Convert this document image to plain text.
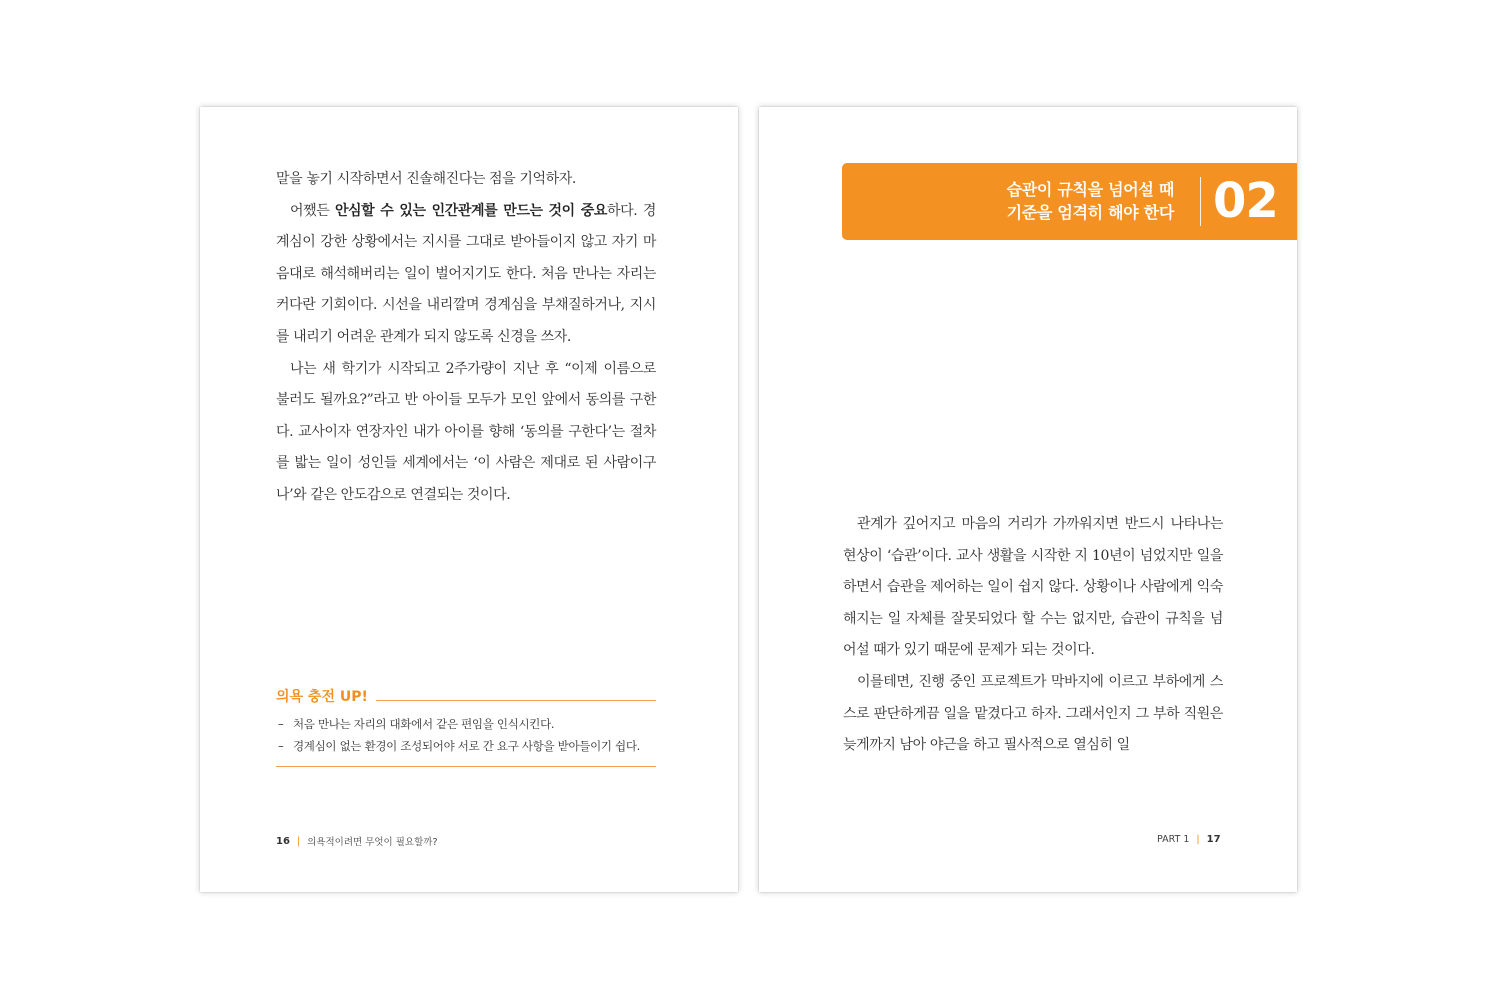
말을 놓기 시작하면서 진솔해진다는 점을 기억하자.

어쨌든 안심할 수 있는 인간관계를 만드는 것이 중요하다. 경계심이 강한 상황에서는 지시를 그대로 받아들이지 않고 자기 마음대로 해석해버리는 일이 벌어지기도 한다. 처음 만나는 자리는 커다란 기회이다. 시선을 내리깔며 경계심을 부채질하거나, 지시를 내리기 어려운 관계가 되지 않도록 신경을 쓰자.

나는 새 학기가 시작되고 2주가량이 지난 후 “이제 이름으로 불러도 될까요?”라고 반 아이들 모두가 모인 앞에서 동의를 구한다. 교사이자 연장자인 내가 아이를 향해 ‘동의를 구한다’는 절차를 밟는 일이 성인들 세계에서는 ‘이 사람은 제대로 된 사람이구나’와 같은 안도감으로 연결되는 것이다.

의욕 충전 UP!
– 처음 만나는 자리의 대화에서 같은 편임을 인식시킨다.
– 경계심이 없는 환경이 조성되어야 서로 간 요구 사항을 받아들이기 쉽다.
16 | 의욕적이려면 무엇이 필요할까?
습관이 규칙을 넘어설 때
기준을 엄격히 해야 한다 02

관계가 깊어지고 마음의 거리가 가까워지면 반드시 나타나는 현상이 ‘습관’이다. 교사 생활을 시작한 지 10년이 넘었지만 일을 하면서 습관을 제어하는 일이 쉽지 않다. 상황이나 사람에게 익숙해지는 일 자체를 잘못되었다 할 수는 없지만, 습관이 규칙을 넘어설 때가 있기 때문에 문제가 되는 것이다.

이를테면, 진행 중인 프로젝트가 막바지에 이르고 부하에게 스스로 판단하게끔 일을 맡겼다고 하자. 그래서인지 그 부하 직원은 늦게까지 남아 야근을 하고 필사적으로 열심히 일

PART 1 | 17
